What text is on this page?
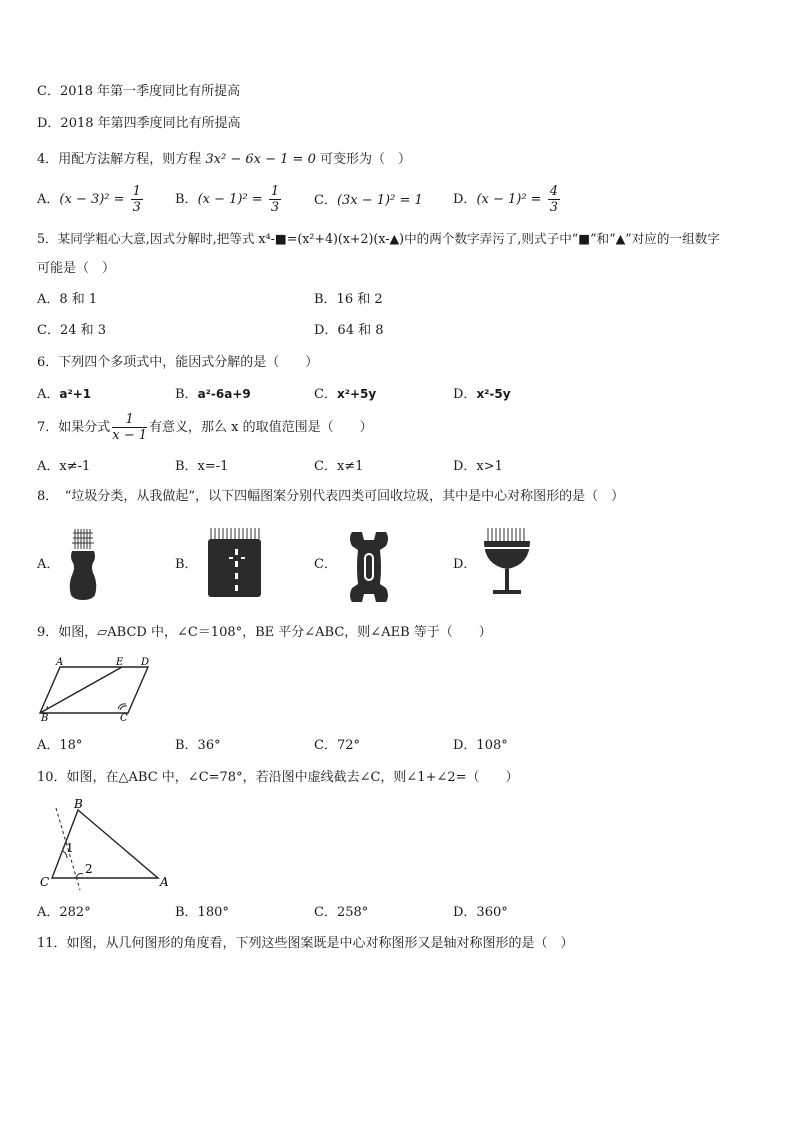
C．2018 年第一季度同比有所提高
D．2018 年第四季度同比有所提高
4．用配方法解方程，则方程 3x² − 6x − 1 = 0 可变形为（　）
A．$(x - 3)^2 = \frac{1}{3}$ B．$(x - 1)^2 = \frac{1}{3}$	C．(3x − 1)² = 1 D．$(x - 1)^2 = \frac{4}{3}$
5．某同学粗心大意,因式分解时,把等式 x⁴-■=(x²+4)(x+2)(x-▲)中的两个数字弄污了,则式子中“■”和“▲”对应的一组数字
可能是（　）
A．8 和 1	B．16 和 2
C．24 和 3	D．64 和 8
6．下列四个多项式中，能因式分解的是（　　）
A．a²+1	B．a²-6a+9	C．x²+5y	D．x²-5y
7．如果分式 $\frac{1}{x - 1}$ 有意义，那么 x 的取值范围是（　　）
A．x≠-1	B．x=-1	C．x≠1	D．x>1
8．　“垃圾分类，从我做起”，以下四幅图案分别代表四类可回收垃圾，其中是中心对称图形的是（　）
A．	B．	C．	D．
9．如图，▱ABCD 中，∠C＝108°，BE 平分∠ABC，则∠AEB 等于（　　）
A	E D
B	C
A．18°	B．36°	C．72°	D．108°
10．如图，在△ABC 中，∠C=78°，若沿图中虚线截去∠C，则∠1+∠2=（　　）
B
C	A
1
2
A．282°	B．180°	C．258°	D．360°
11．如图，从几何图形的角度看，下列这些图案既是中心对称图形又是轴对称图形的是（　）
